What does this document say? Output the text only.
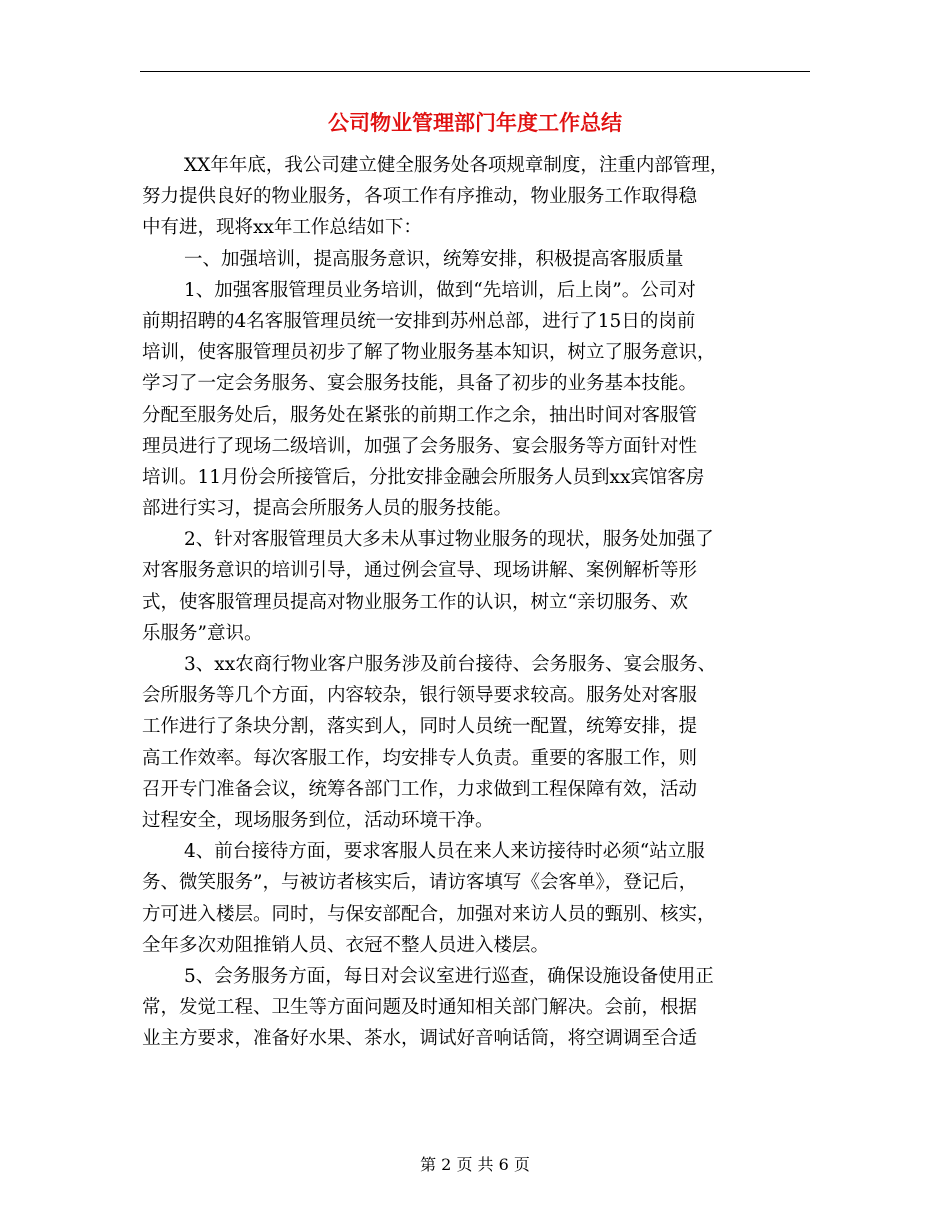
公司物业管理部门年度工作总结
XX年年底，我公司建立健全服务处各项规章制度，注重内部管理，
努力提供良好的物业服务，各项工作有序推动，物业服务工作取得稳
中有进，现将xx年工作总结如下：
一、加强培训，提高服务意识，统筹安排，积极提高客服质量
1、加强客服管理员业务培训，做到“先培训，后上岗”。公司对
前期招聘的4名客服管理员统一安排到苏州总部，进行了15日的岗前
培训，使客服管理员初步了解了物业服务基本知识，树立了服务意识，
学习了一定会务服务、宴会服务技能，具备了初步的业务基本技能。
分配至服务处后，服务处在紧张的前期工作之余，抽出时间对客服管
理员进行了现场二级培训，加强了会务服务、宴会服务等方面针对性
培训。11月份会所接管后，分批安排金融会所服务人员到xx宾馆客房
部进行实习，提高会所服务人员的服务技能。
2、针对客服管理员大多未从事过物业服务的现状，服务处加强了
对客服务意识的培训引导，通过例会宣导、现场讲解、案例解析等形
式，使客服管理员提高对物业服务工作的认识，树立“亲切服务、欢
乐服务”意识。
3、xx农商行物业客户服务涉及前台接待、会务服务、宴会服务、
会所服务等几个方面，内容较杂，银行领导要求较高。服务处对客服
工作进行了条块分割，落实到人，同时人员统一配置，统筹安排，提
高工作效率。每次客服工作，均安排专人负责。重要的客服工作，则
召开专门准备会议，统筹各部门工作，力求做到工程保障有效，活动
过程安全，现场服务到位，活动环境干净。
4、前台接待方面，要求客服人员在来人来访接待时必须“站立服
务、微笑服务”，与被访者核实后，请访客填写《会客单》，登记后，
方可进入楼层。同时，与保安部配合，加强对来访人员的甄别、核实，
全年多次劝阻推销人员、衣冠不整人员进入楼层。
5、会务服务方面，每日对会议室进行巡查，确保设施设备使用正
常，发觉工程、卫生等方面问题及时通知相关部门解决。会前，根据
业主方要求，准备好水果、茶水，调试好音响话筒，将空调调至合适
第 2 页 共 6 页
